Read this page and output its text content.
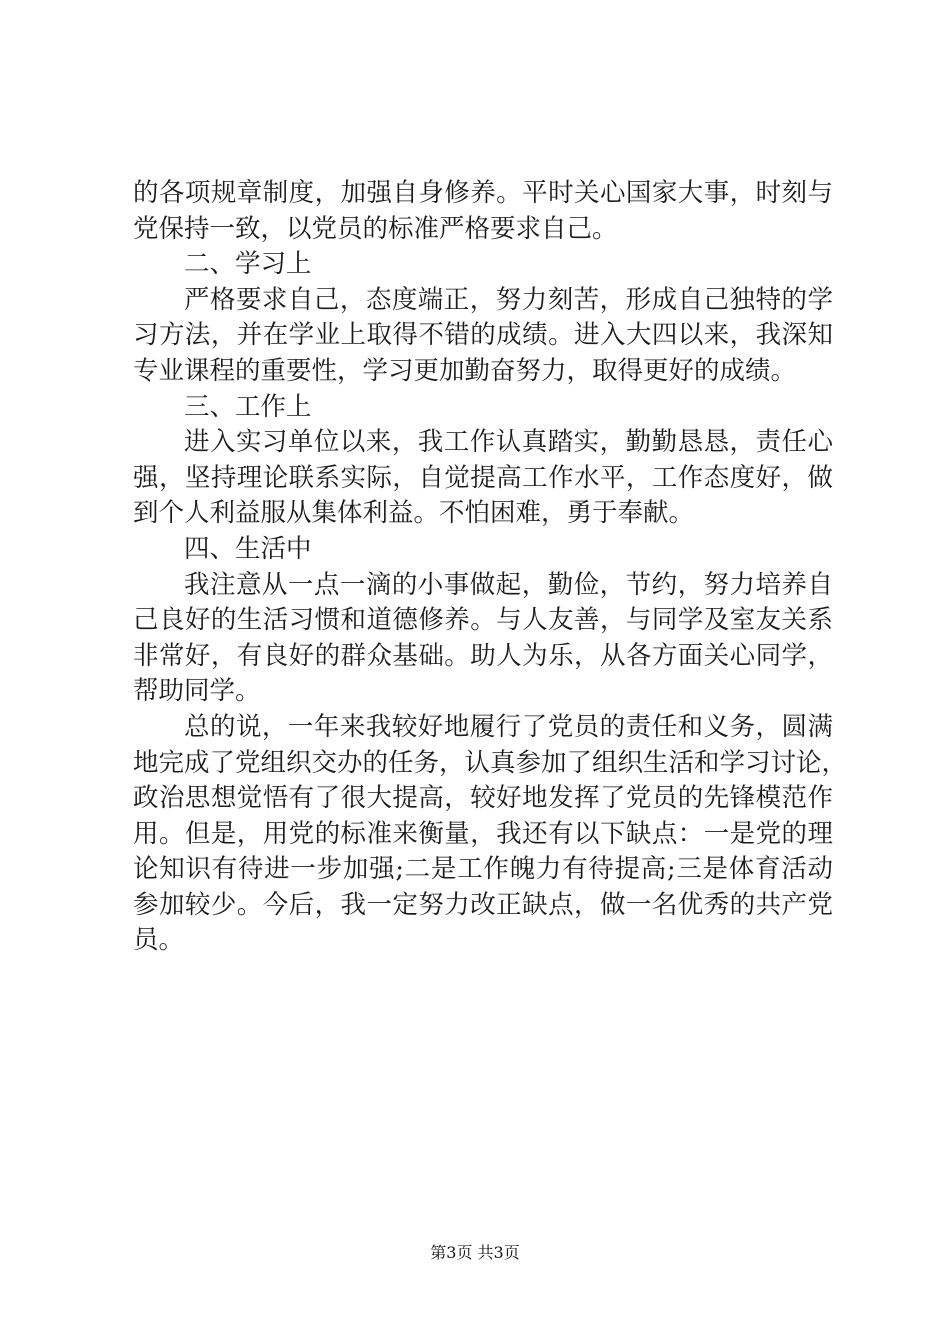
的各项规章制度，加强自身修养。平时关心国家大事，时刻与
党保持一致，以党员的标准严格要求自己。
二、学习上
严格要求自己，态度端正，努力刻苦，形成自己独特的学
习方法，并在学业上取得不错的成绩。进入大四以来，我深知
专业课程的重要性，学习更加勤奋努力，取得更好的成绩。
三、工作上
进入实习单位以来，我工作认真踏实，勤勤恳恳，责任心
强，坚持理论联系实际，自觉提高工作水平，工作态度好，做
到个人利益服从集体利益。不怕困难，勇于奉献。
四、生活中
我注意从一点一滴的小事做起，勤俭，节约，努力培养自
己良好的生活习惯和道德修养。与人友善，与同学及室友关系
非常好，有良好的群众基础。助人为乐，从各方面关心同学，
帮助同学。
总的说，一年来我较好地履行了党员的责任和义务，圆满
地完成了党组织交办的任务，认真参加了组织生活和学习讨论，
政治思想觉悟有了很大提高，较好地发挥了党员的先锋模范作
用。但是，用党的标准来衡量，我还有以下缺点：一是党的理
论知识有待进一步加强;二是工作魄力有待提高;三是体育活动
参加较少。今后，我一定努力改正缺点，做一名优秀的共产党
员。
第3页 共3页
